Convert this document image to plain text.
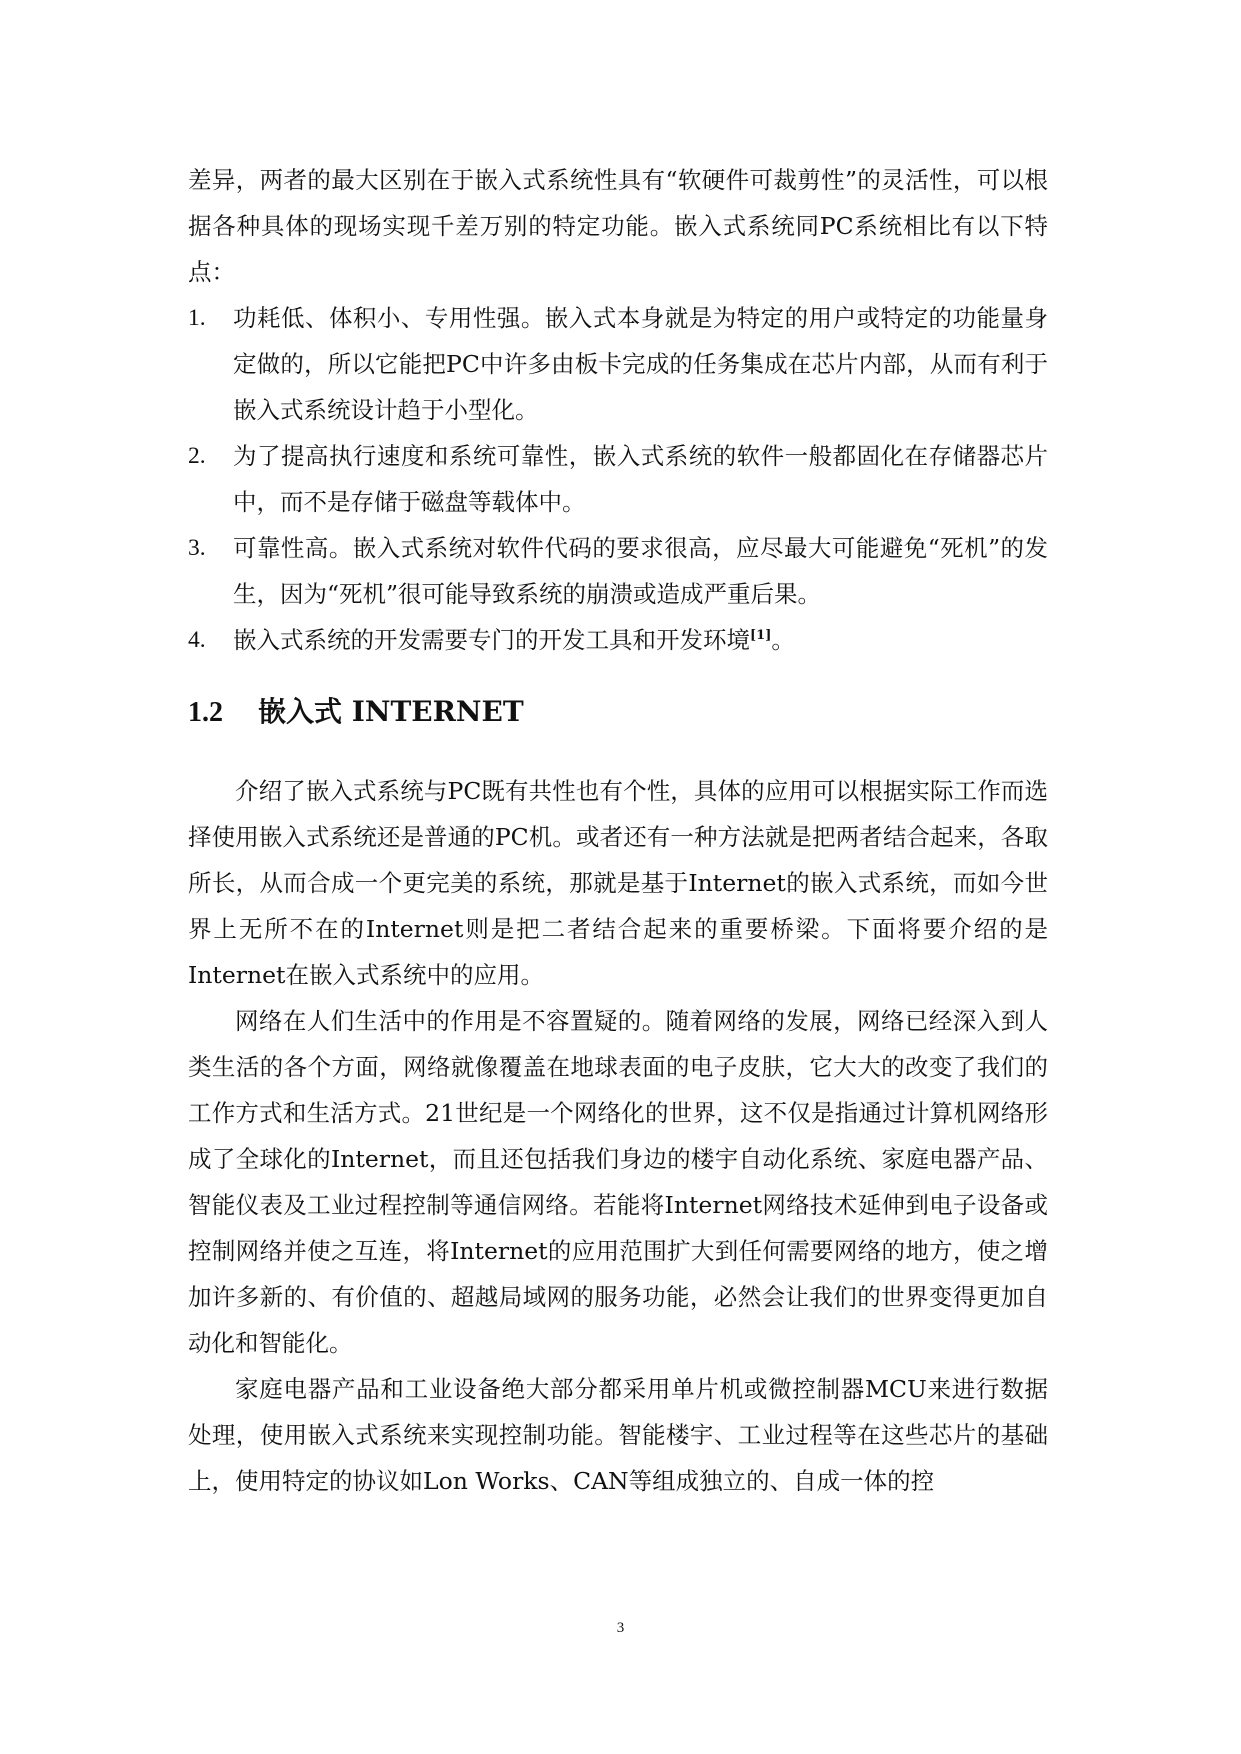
差异，两者的最大区别在于嵌入式系统性具有“软硬件可裁剪性”的灵活性，可以根据各种具体的现场实现千差万别的特定功能。嵌入式系统同PC系统相比有以下特点：

1. 功耗低、体积小、专用性强。嵌入式本身就是为特定的用户或特定的功能量身定做的，所以它能把PC中许多由板卡完成的任务集成在芯片内部，从而有利于嵌入式系统设计趋于小型化。
2. 为了提高执行速度和系统可靠性，嵌入式系统的软件一般都固化在存储器芯片中，而不是存储于磁盘等载体中。
3. 可靠性高。嵌入式系统对软件代码的要求很高，应尽最大可能避免“死机”的发生，因为“死机”很可能导致系统的崩溃或造成严重后果。
4. 嵌入式系统的开发需要专门的开发工具和开发环境[1]。
1.2 嵌入式 INTERNET

介绍了嵌入式系统与PC既有共性也有个性，具体的应用可以根据实际工作而选择使用嵌入式系统还是普通的PC机。或者还有一种方法就是把两者结合起来，各取所长，从而合成一个更完美的系统，那就是基于Internet的嵌入式系统，而如今世界上无所不在的Internet则是把二者结合起来的重要桥梁。下面将要介绍的是Internet在嵌入式系统中的应用。

网络在人们生活中的作用是不容置疑的。随着网络的发展，网络已经深入到人类生活的各个方面，网络就像覆盖在地球表面的电子皮肤，它大大的改变了我们的工作方式和生活方式。21世纪是一个网络化的世界，这不仅是指通过计算机网络形成了全球化的Internet，而且还包括我们身边的楼宇自动化系统、家庭电器产品、智能仪表及工业过程控制等通信网络。若能将Internet网络技术延伸到电子设备或控制网络并使之互连，将Internet的应用范围扩大到任何需要网络的地方，使之增加许多新的、有价值的、超越局域网的服务功能，必然会让我们的世界变得更加自动化和智能化。

家庭电器产品和工业设备绝大部分都采用单片机或微控制器MCU来进行数据处理，使用嵌入式系统来实现控制功能。智能楼宇、工业过程等在这些芯片的基础上，使用特定的协议如Lon Works、CAN等组成独立的、自成一体的控

3
